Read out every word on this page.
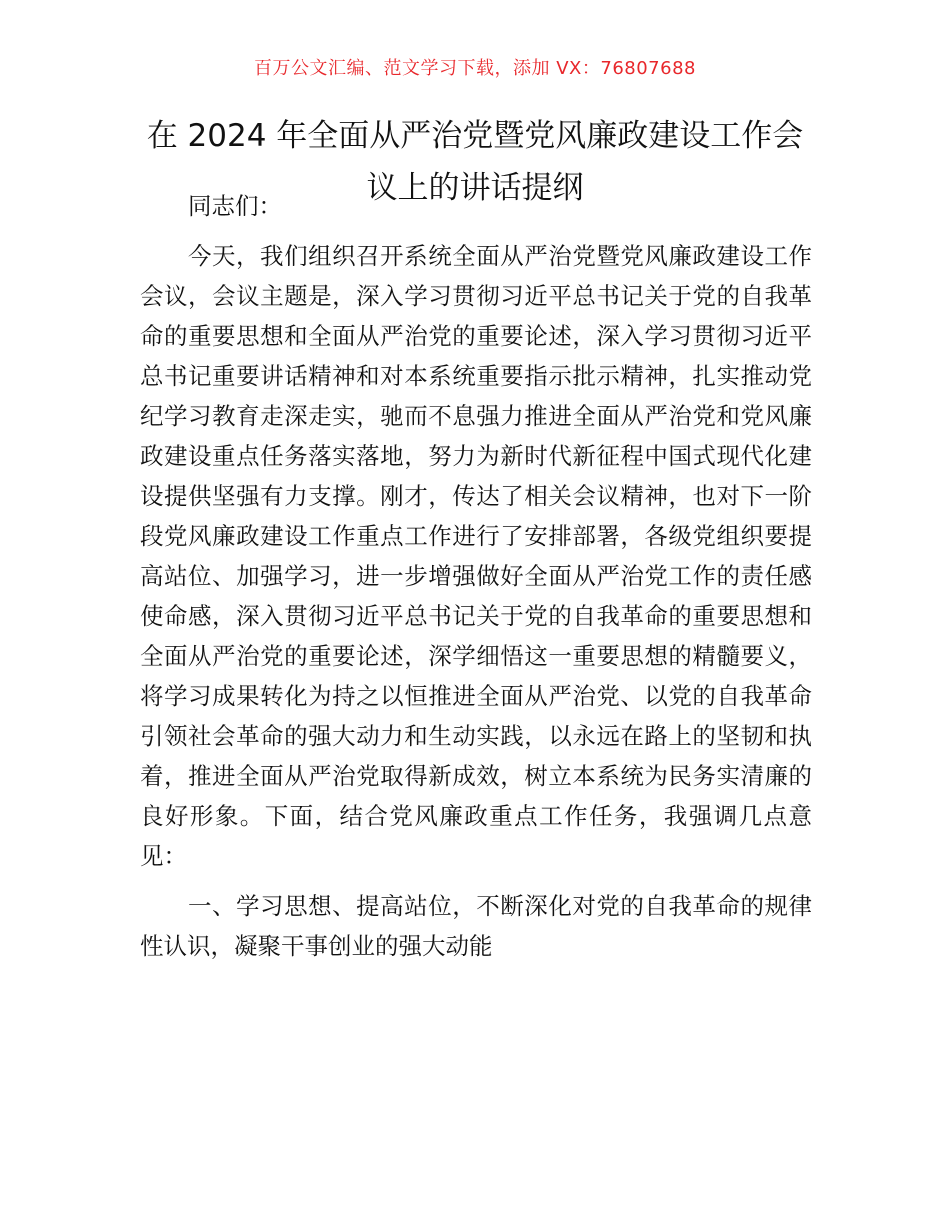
百万公文汇编、范文学习下载，添加 VX：76807688
在 2024 年全面从严治党暨党风廉政建设工作会议上的讲话提纲

同志们：

今天，我们组织召开系统全面从严治党暨党风廉政建设工作会议，会议主题是，深入学习贯彻习近平总书记关于党的自我革命的重要思想和全面从严治党的重要论述，深入学习贯彻习近平总书记重要讲话精神和对本系统重要指示批示精神，扎实推动党纪学习教育走深走实，驰而不息强力推进全面从严治党和党风廉政建设重点任务落实落地，努力为新时代新征程中国式现代化建设提供坚强有力支撑。刚才，传达了相关会议精神，也对下一阶段党风廉政建设工作重点工作进行了安排部署，各级党组织要提高站位、加强学习，进一步增强做好全面从严治党工作的责任感使命感，深入贯彻习近平总书记关于党的自我革命的重要思想和全面从严治党的重要论述，深学细悟这一重要思想的精髓要义，将学习成果转化为持之以恒推进全面从严治党、以党的自我革命引领社会革命的强大动力和生动实践，以永远在路上的坚韧和执着，推进全面从严治党取得新成效，树立本系统为民务实清廉的良好形象。下面，结合党风廉政重点工作任务，我强调几点意见：

一、学习思想、提高站位，不断深化对党的自我革命的规律性认识，凝聚干事创业的强大动能
